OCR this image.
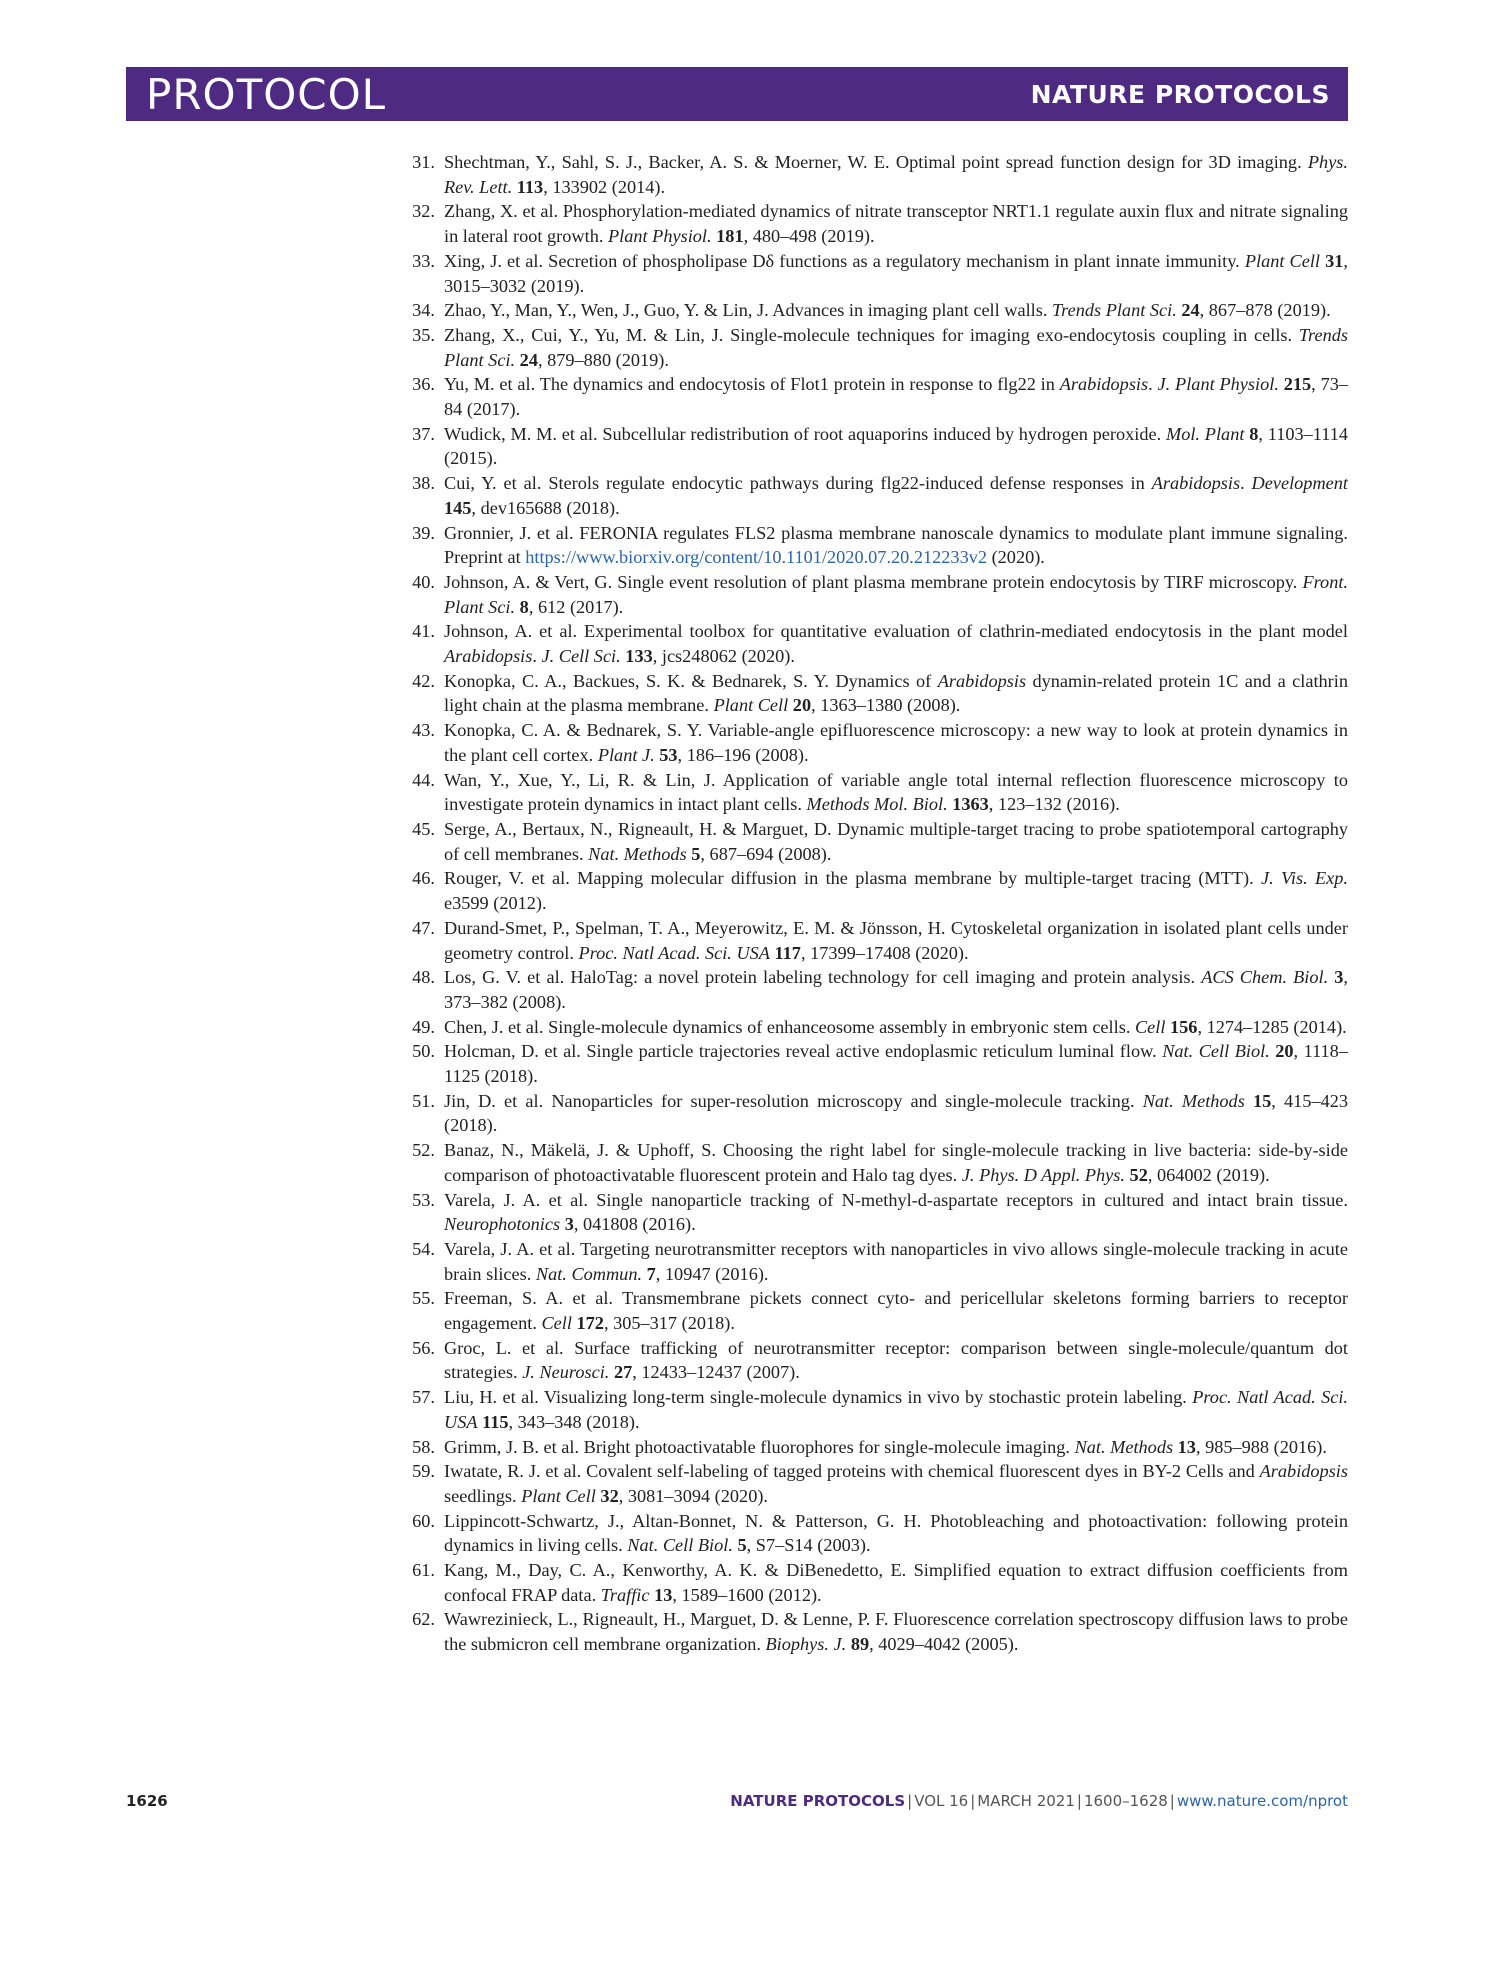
PROTOCOL	NATURE PROTOCOLS
31. Shechtman, Y., Sahl, S. J., Backer, A. S. & Moerner, W. E. Optimal point spread function design for 3D imaging. Phys. Rev. Lett. 113, 133902 (2014).
32. Zhang, X. et al. Phosphorylation-mediated dynamics of nitrate transceptor NRT1.1 regulate auxin flux and nitrate signaling in lateral root growth. Plant Physiol. 181, 480–498 (2019).
33. Xing, J. et al. Secretion of phospholipase Dδ functions as a regulatory mechanism in plant innate immunity. Plant Cell 31, 3015–3032 (2019).
34. Zhao, Y., Man, Y., Wen, J., Guo, Y. & Lin, J. Advances in imaging plant cell walls. Trends Plant Sci. 24, 867–878 (2019).
35. Zhang, X., Cui, Y., Yu, M. & Lin, J. Single-molecule techniques for imaging exo-endocytosis coupling in cells. Trends Plant Sci. 24, 879–880 (2019).
36. Yu, M. et al. The dynamics and endocytosis of Flot1 protein in response to flg22 in Arabidopsis. J. Plant Physiol. 215, 73–84 (2017).
37. Wudick, M. M. et al. Subcellular redistribution of root aquaporins induced by hydrogen peroxide. Mol. Plant 8, 1103–1114 (2015).
38. Cui, Y. et al. Sterols regulate endocytic pathways during flg22-induced defense responses in Arabidopsis. Development 145, dev165688 (2018).
39. Gronnier, J. et al. FERONIA regulates FLS2 plasma membrane nanoscale dynamics to modulate plant immune signaling. Preprint at https://www.biorxiv.org/content/10.1101/2020.07.20.212233v2 (2020).
40. Johnson, A. & Vert, G. Single event resolution of plant plasma membrane protein endocytosis by TIRF microscopy. Front. Plant Sci. 8, 612 (2017).
41. Johnson, A. et al. Experimental toolbox for quantitative evaluation of clathrin-mediated endocytosis in the plant model Arabidopsis. J. Cell Sci. 133, jcs248062 (2020).
42. Konopka, C. A., Backues, S. K. & Bednarek, S. Y. Dynamics of Arabidopsis dynamin-related protein 1C and a clathrin light chain at the plasma membrane. Plant Cell 20, 1363–1380 (2008).
43. Konopka, C. A. & Bednarek, S. Y. Variable-angle epifluorescence microscopy: a new way to look at protein dynamics in the plant cell cortex. Plant J. 53, 186–196 (2008).
44. Wan, Y., Xue, Y., Li, R. & Lin, J. Application of variable angle total internal reflection fluorescence microscopy to investigate protein dynamics in intact plant cells. Methods Mol. Biol. 1363, 123–132 (2016).
45. Serge, A., Bertaux, N., Rigneault, H. & Marguet, D. Dynamic multiple-target tracing to probe spatiotemporal cartography of cell membranes. Nat. Methods 5, 687–694 (2008).
46. Rouger, V. et al. Mapping molecular diffusion in the plasma membrane by multiple-target tracing (MTT). J. Vis. Exp. e3599 (2012).
47. Durand-Smet, P., Spelman, T. A., Meyerowitz, E. M. & Jönsson, H. Cytoskeletal organization in isolated plant cells under geometry control. Proc. Natl Acad. Sci. USA 117, 17399–17408 (2020).
48. Los, G. V. et al. HaloTag: a novel protein labeling technology for cell imaging and protein analysis. ACS Chem. Biol. 3, 373–382 (2008).
49. Chen, J. et al. Single-molecule dynamics of enhanceosome assembly in embryonic stem cells. Cell 156, 1274–1285 (2014).
50. Holcman, D. et al. Single particle trajectories reveal active endoplasmic reticulum luminal flow. Nat. Cell Biol. 20, 1118–1125 (2018).
51. Jin, D. et al. Nanoparticles for super-resolution microscopy and single-molecule tracking. Nat. Methods 15, 415–423 (2018).
52. Banaz, N., Mäkelä, J. & Uphoff, S. Choosing the right label for single-molecule tracking in live bacteria: side-by-side comparison of photoactivatable fluorescent protein and Halo tag dyes. J. Phys. D Appl. Phys. 52, 064002 (2019).
53. Varela, J. A. et al. Single nanoparticle tracking of N-methyl-d-aspartate receptors in cultured and intact brain tissue. Neurophotonics 3, 041808 (2016).
54. Varela, J. A. et al. Targeting neurotransmitter receptors with nanoparticles in vivo allows single-molecule tracking in acute brain slices. Nat. Commun. 7, 10947 (2016).
55. Freeman, S. A. et al. Transmembrane pickets connect cyto- and pericellular skeletons forming barriers to receptor engagement. Cell 172, 305–317 (2018).
56. Groc, L. et al. Surface trafficking of neurotransmitter receptor: comparison between single-molecule/quantum dot strategies. J. Neurosci. 27, 12433–12437 (2007).
57. Liu, H. et al. Visualizing long-term single-molecule dynamics in vivo by stochastic protein labeling. Proc. Natl Acad. Sci. USA 115, 343–348 (2018).
58. Grimm, J. B. et al. Bright photoactivatable fluorophores for single-molecule imaging. Nat. Methods 13, 985–988 (2016).
59. Iwatate, R. J. et al. Covalent self-labeling of tagged proteins with chemical fluorescent dyes in BY-2 Cells and Arabidopsis seedlings. Plant Cell 32, 3081–3094 (2020).
60. Lippincott-Schwartz, J., Altan-Bonnet, N. & Patterson, G. H. Photobleaching and photoactivation: following protein dynamics in living cells. Nat. Cell Biol. 5, S7–S14 (2003).
61. Kang, M., Day, C. A., Kenworthy, A. K. & DiBenedetto, E. Simplified equation to extract diffusion coefficients from confocal FRAP data. Traffic 13, 1589–1600 (2012).
62. Wawrezinieck, L., Rigneault, H., Marguet, D. & Lenne, P. F. Fluorescence correlation spectroscopy diffusion laws to probe the submicron cell membrane organization. Biophys. J. 89, 4029–4042 (2005).
1626	NATURE PROTOCOLS | VOL 16 | MARCH 2021 | 1600–1628 | www.nature.com/nprot
